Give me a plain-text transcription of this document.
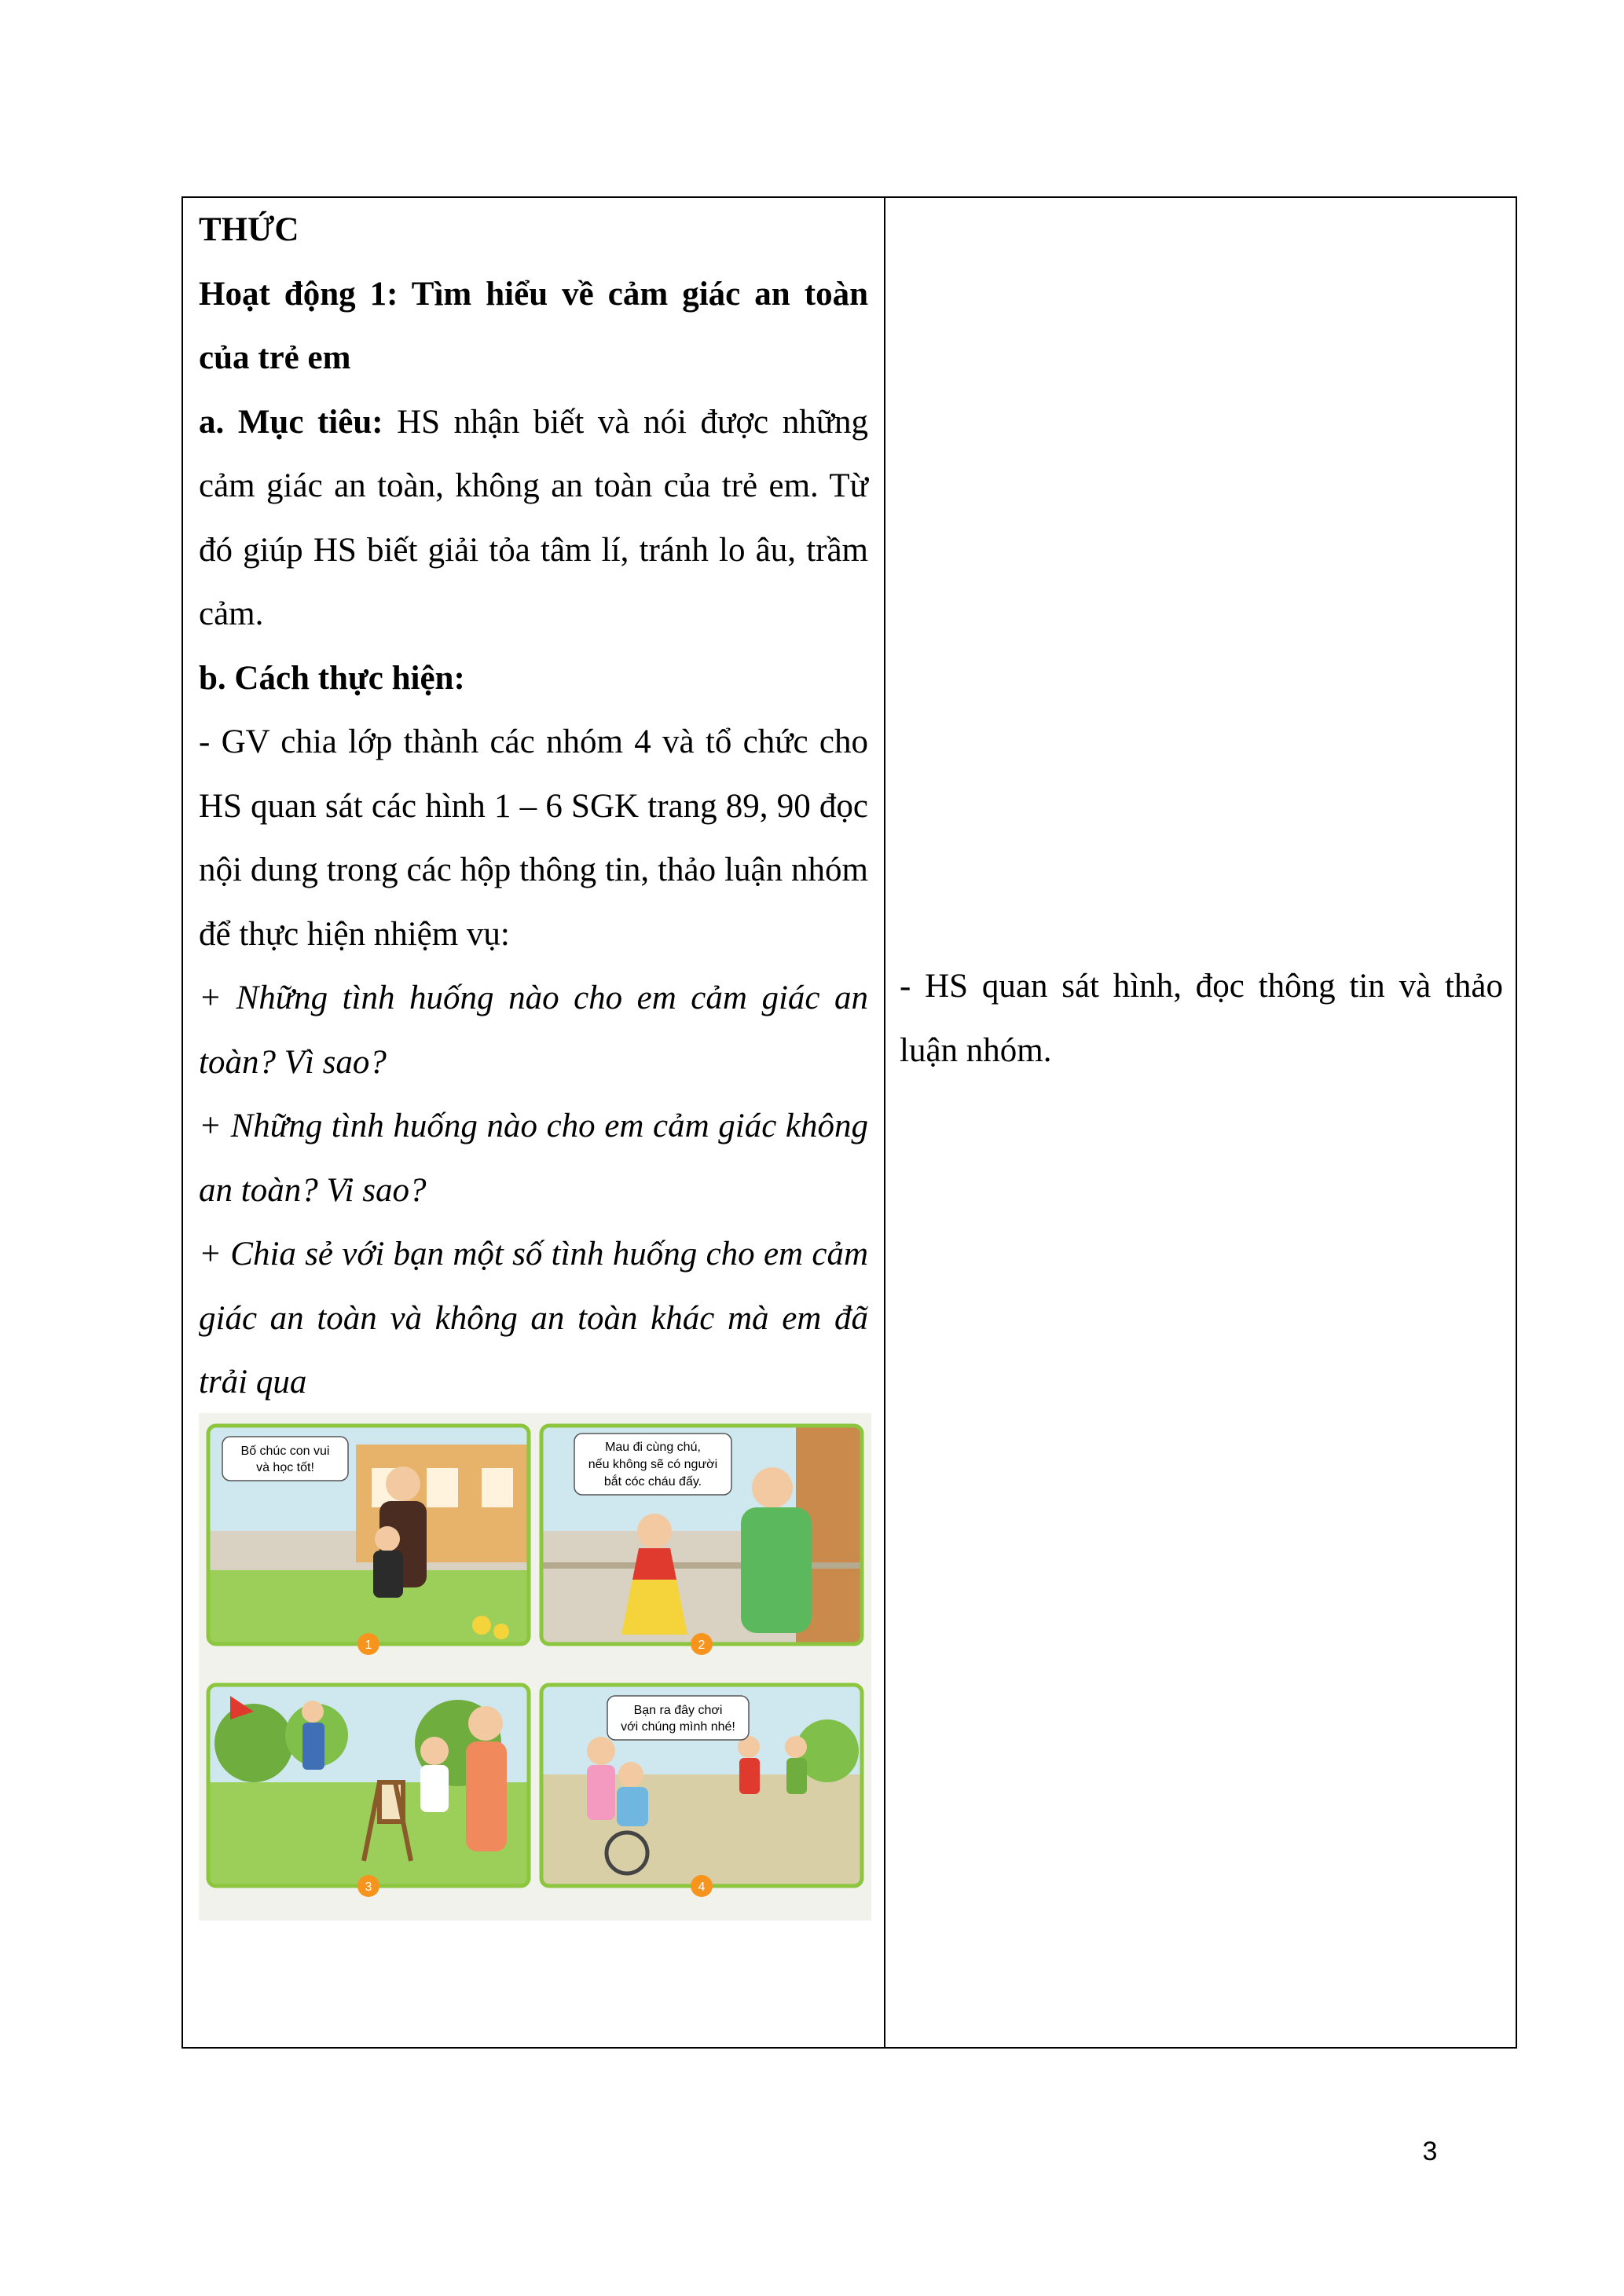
THỨC

Hoạt động 1: Tìm hiểu về cảm giác an toàn của trẻ em

a. Mục tiêu: HS nhận biết và nói được những cảm giác an toàn, không an toàn của trẻ em. Từ đó giúp HS biết giải tỏa tâm lí, tránh lo âu, trầm cảm.

b. Cách thực hiện:

- GV chia lớp thành các nhóm 4 và tổ chức cho HS quan sát các hình 1 – 6 SGK trang 89, 90 đọc nội dung trong các hộp thông tin, thảo luận nhóm để thực hiện nhiệm vụ:

+ Những tình huống nào cho em cảm giác an toàn? Vì sao?

+ Những tình huống nào cho em cảm giác không an toàn? Vi sao?

+ Chia sẻ với bạn một số tình huống cho em cảm giác an toàn và không an toàn khác mà em đã trải qua

- HS quan sát hình, đọc thông tin và thảo luận nhóm.

Bố chúc con vui
và học tốt!
1
Mau đi cùng chú,
nếu không sẽ có người
bắt cóc cháu đấy.
2
3
Bạn ra đây chơi
với chúng mình nhé!
4
3
